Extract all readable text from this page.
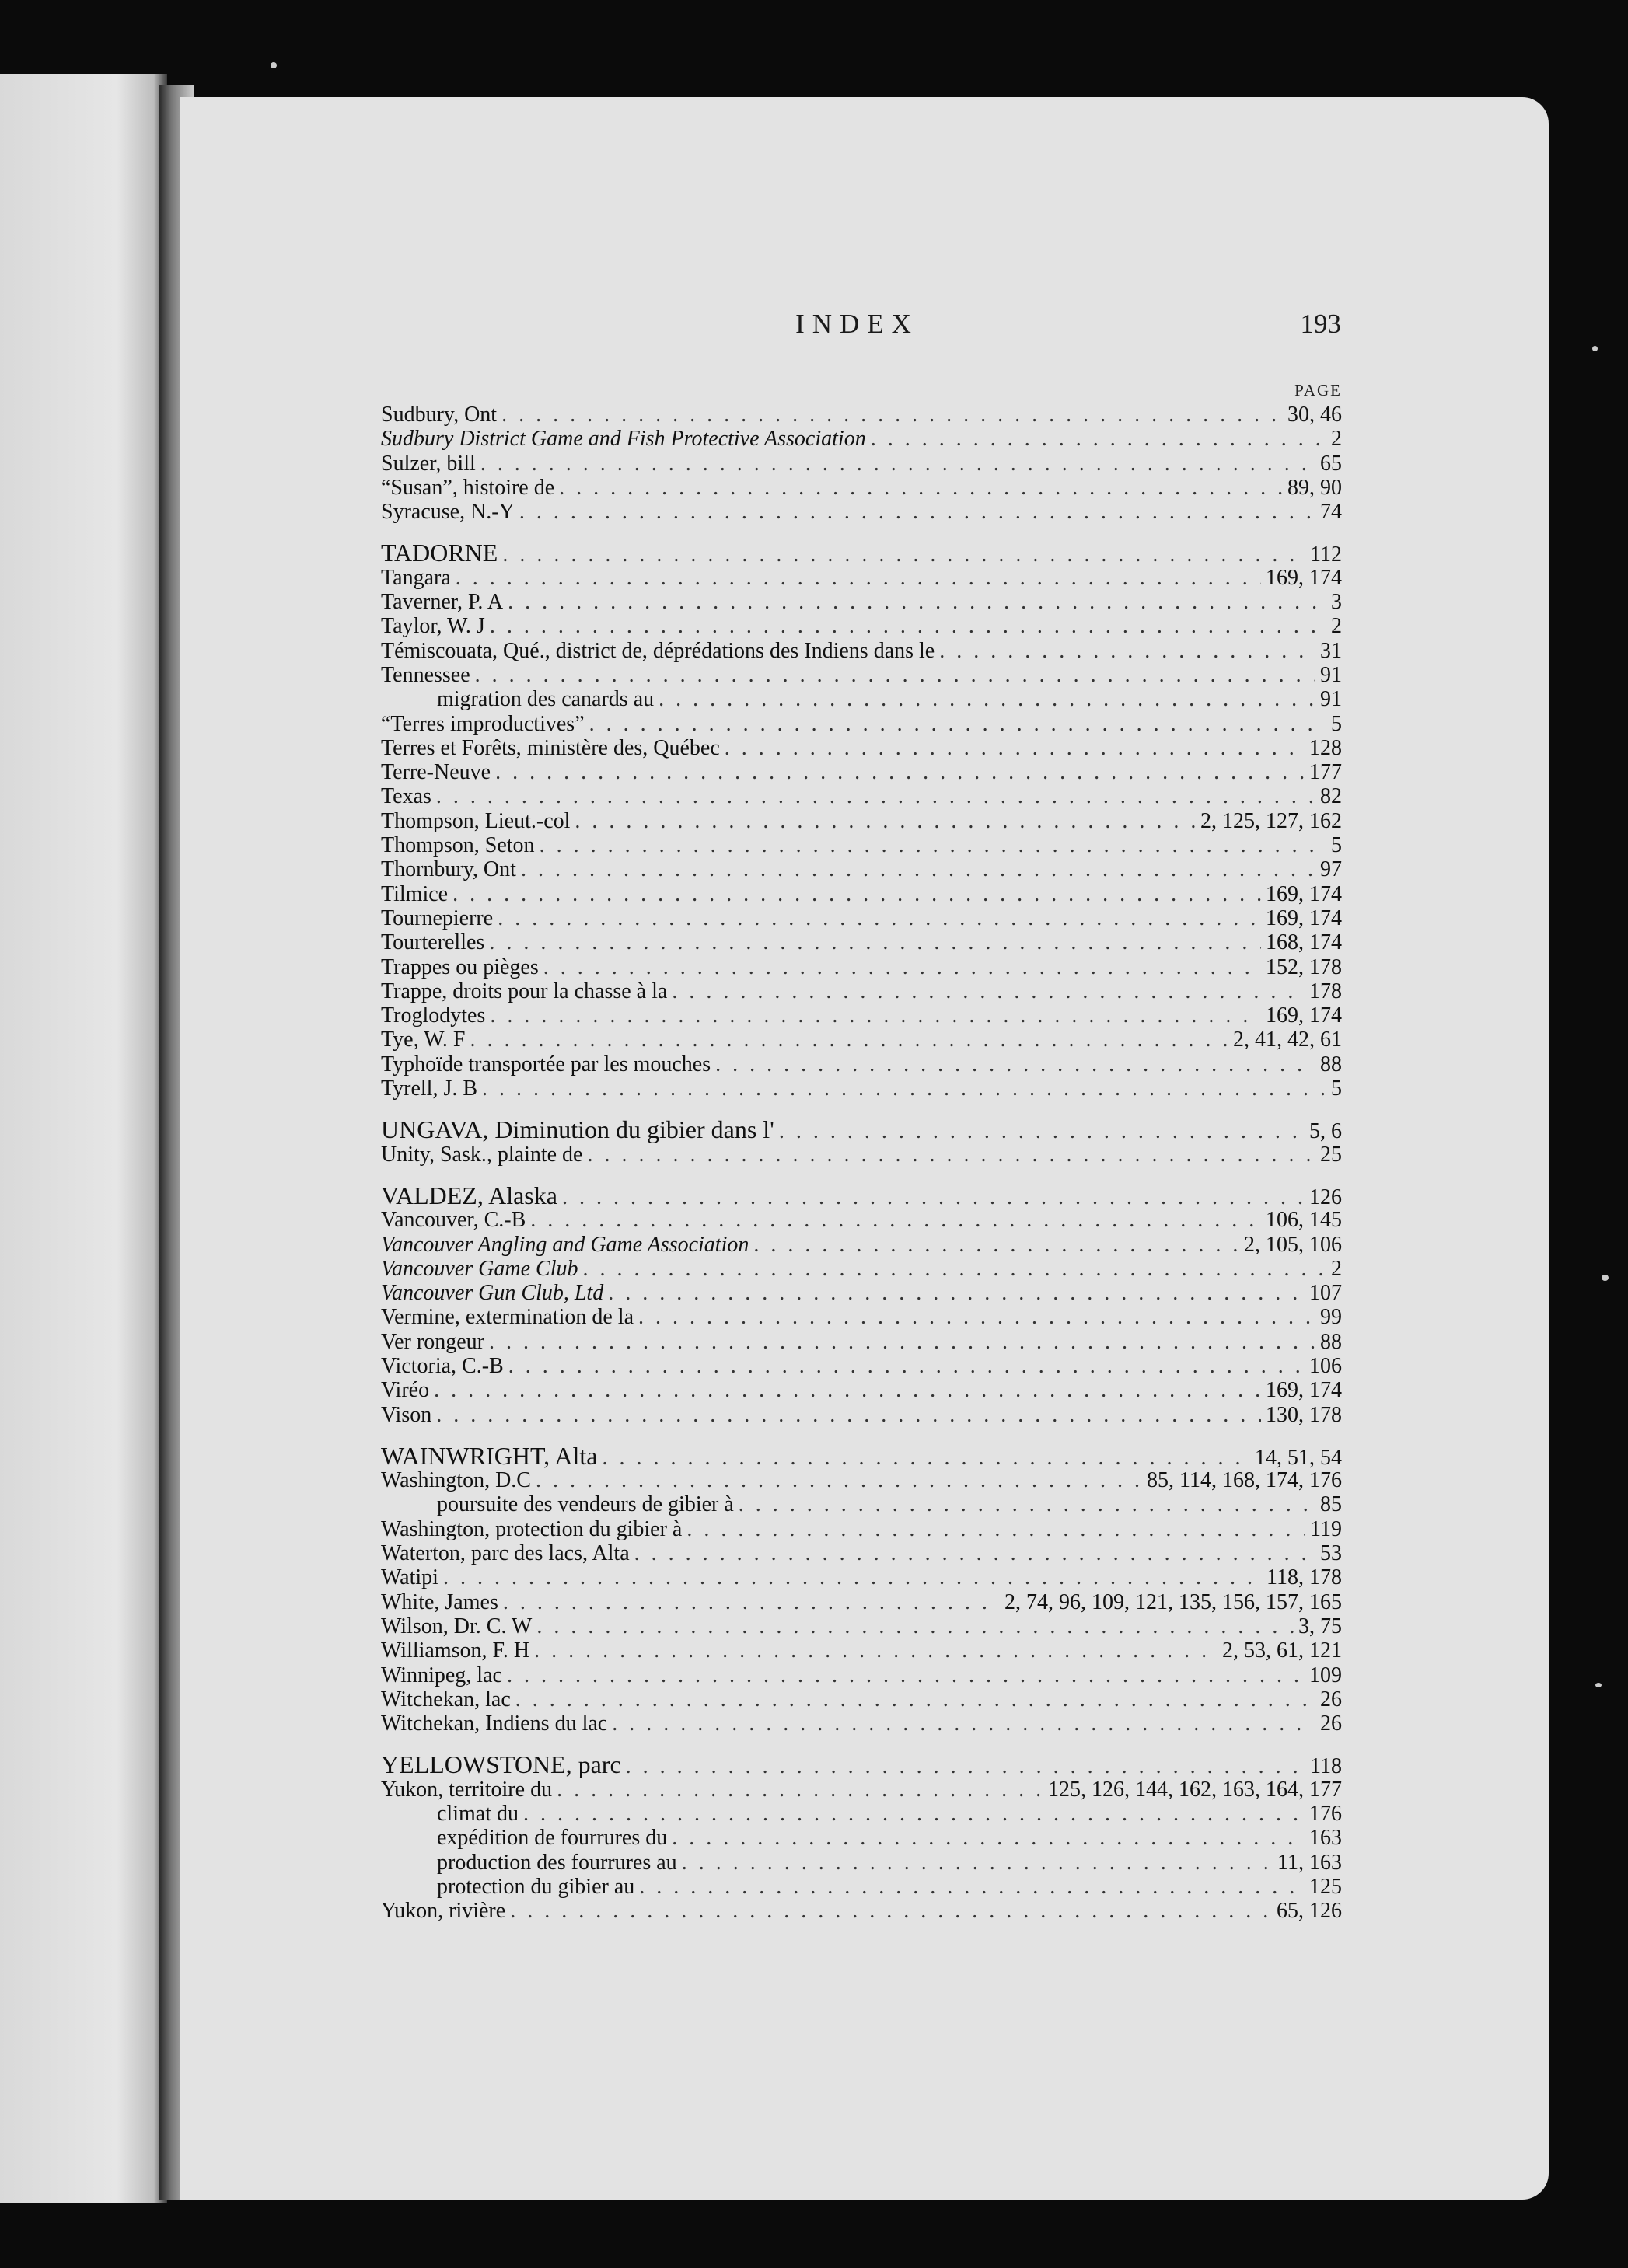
INDEX	193
PAGE
Sudbury, Ont . . .	30, 46
Sudbury District Game and Fish Protective Association . . .	2
Sulzer, bill . . .	65
“Susan”, histoire de . . .	89, 90
Syracuse, N.-Y . . .	74
TADORNE . . .	112
Tangara . . .	169, 174
Taverner, P. A . . .	3
Taylor, W. J . . .	2
Témiscouata, Qué., district de, déprédations des Indiens dans le . . .	31
Tennessee . . .	91
migration des canards au . . .	91
“Terres improductives” . . .	5
Terres et Forêts, ministère des, Québec . . .	128
Terre-Neuve . . .	177
Texas . . .	82
Thompson, Lieut.-col . . .	2, 125, 127, 162
Thompson, Seton . . .	5
Thornbury, Ont . . .	97
Tilmice . . .	169, 174
Tournepierre . . .	169, 174
Tourterelles . . .	168, 174
Trappes ou pièges . . .	152, 178
Trappe, droits pour la chasse à la . . .	178
Troglodytes . . .	169, 174
Tye, W. F . . .	2, 41, 42, 61
Typhoïde transportée par les mouches . . .	88
Tyrell, J. B . . .	5
UNGAVA, Diminution du gibier dans l' . . .	5, 6
Unity, Sask., plainte de . . .	25
VALDEZ, Alaska . . .	126
Vancouver, C.-B . . .	106, 145
Vancouver Angling and Game Association . . .	2, 105, 106
Vancouver Game Club . . .	2
Vancouver Gun Club, Ltd . . .	107
Vermine, extermination de la . . .	99
Ver rongeur . . .	88
Victoria, C.-B . . .	106
Viréo . . .	169, 174
Vison . . .	130, 178
WAINWRIGHT, Alta . . .	14, 51, 54
Washington, D.C . . .	85, 114, 168, 174, 176
poursuite des vendeurs de gibier à . . .	85
Washington, protection du gibier à . . .	119
Waterton, parc des lacs, Alta . . .	53
Watipi . . .	118, 178
White, James . . .	2, 74, 96, 109, 121, 135, 156, 157, 165
Wilson, Dr. C. W . . .	3, 75
Williamson, F. H . . .	2, 53, 61, 121
Winnipeg, lac . . .	109
Witchekan, lac . . .	26
Witchekan, Indiens du lac . . .	26
YELLOWSTONE, parc . . .	118
Yukon, territoire du . . .	125, 126, 144, 162, 163, 164, 177
climat du . . .	176
expédition de fourrures du . . .	163
production des fourrures au . . .	11, 163
protection du gibier au . . .	125
Yukon, rivière . . .	65, 126
